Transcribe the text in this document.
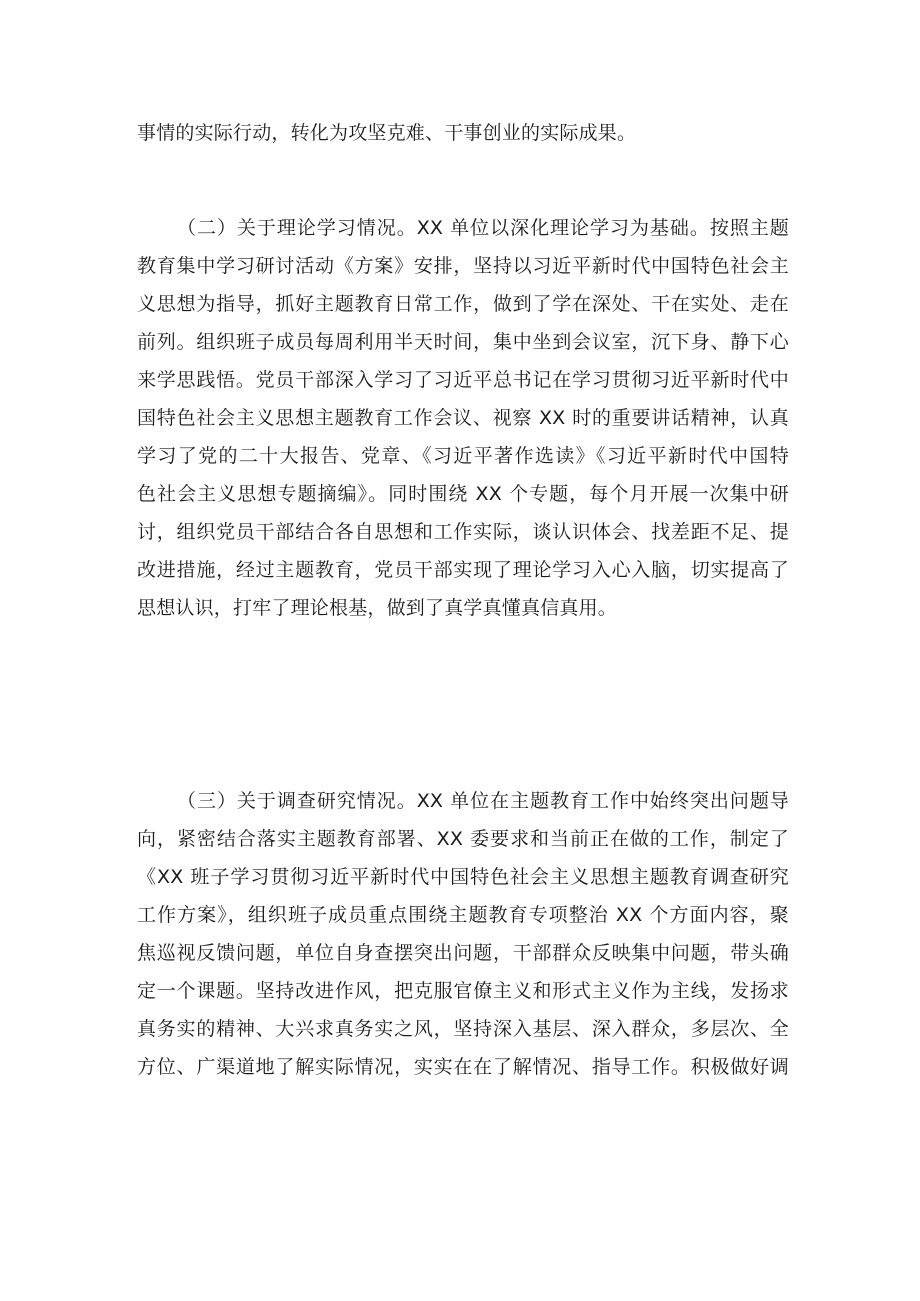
事情的实际行动，转化为攻坚克难、干事创业的实际成果。
（二）关于理论学习情况。XX 单位以深化理论学习为基础。按照主题
教育集中学习研讨活动《方案》安排，坚持以习近平新时代中国特色社会主
义思想为指导，抓好主题教育日常工作，做到了学在深处、干在实处、走在
前列。组织班子成员每周利用半天时间，集中坐到会议室，沉下身、静下心
来学思践悟。党员干部深入学习了习近平总书记在学习贯彻习近平新时代中
国特色社会主义思想主题教育工作会议、视察 XX 时的重要讲话精神，认真
学习了党的二十大报告、党章、《习近平著作选读》《习近平新时代中国特
色社会主义思想专题摘编》。同时围绕 XX 个专题，每个月开展一次集中研
讨，组织党员干部结合各自思想和工作实际，谈认识体会、找差距不足、提
改进措施，经过主题教育，党员干部实现了理论学习入心入脑，切实提高了
思想认识，打牢了理论根基，做到了真学真懂真信真用。
（三）关于调查研究情况。XX 单位在主题教育工作中始终突出问题导
向，紧密结合落实主题教育部署、XX 委要求和当前正在做的工作，制定了
《XX 班子学习贯彻习近平新时代中国特色社会主义思想主题教育调查研究
工作方案》，组织班子成员重点围绕主题教育专项整治 XX 个方面内容，聚
焦巡视反馈问题，单位自身查摆突出问题，干部群众反映集中问题，带头确
定一个课题。坚持改进作风，把克服官僚主义和形式主义作为主线，发扬求
真务实的精神、大兴求真务实之风，坚持深入基层、深入群众，多层次、全
方位、广渠道地了解实际情况，实实在在了解情况、指导工作。积极做好调
